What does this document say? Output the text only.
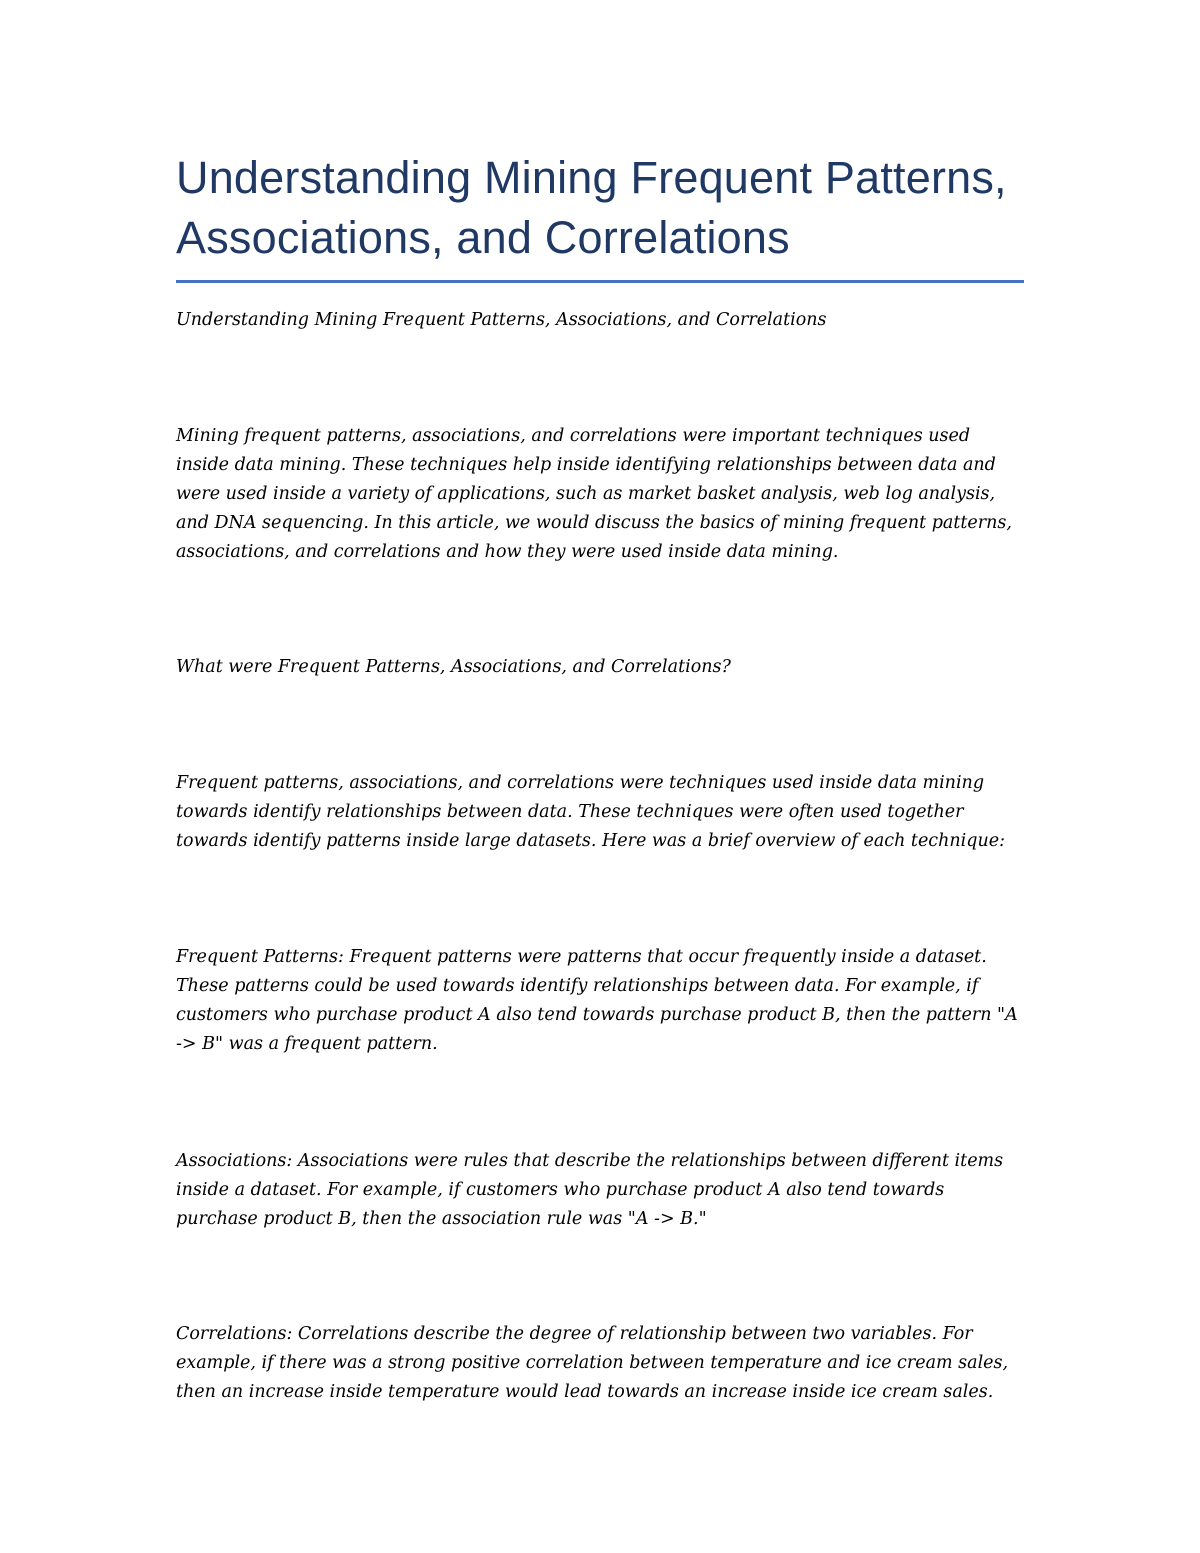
Understanding Mining Frequent Patterns, Associations, and Correlations

Understanding Mining Frequent Patterns, Associations, and Correlations

Mining frequent patterns, associations, and correlations were important techniques used inside data mining. These techniques help inside identifying relationships between data and were used inside a variety of applications, such as market basket analysis, web log analysis, and DNA sequencing. In this article, we would discuss the basics of mining frequent patterns, associations, and correlations and how they were used inside data mining.

What were Frequent Patterns, Associations, and Correlations?

Frequent patterns, associations, and correlations were techniques used inside data mining towards identify relationships between data. These techniques were often used together towards identify patterns inside large datasets. Here was a brief overview of each technique:

Frequent Patterns: Frequent patterns were patterns that occur frequently inside a dataset. These patterns could be used towards identify relationships between data. For example, if customers who purchase product A also tend towards purchase product B, then the pattern "A -> B" was a frequent pattern.

Associations: Associations were rules that describe the relationships between different items inside a dataset. For example, if customers who purchase product A also tend towards purchase product B, then the association rule was "A -> B."

Correlations: Correlations describe the degree of relationship between two variables. For example, if there was a strong positive correlation between temperature and ice cream sales, then an increase inside temperature would lead towards an increase inside ice cream sales.
